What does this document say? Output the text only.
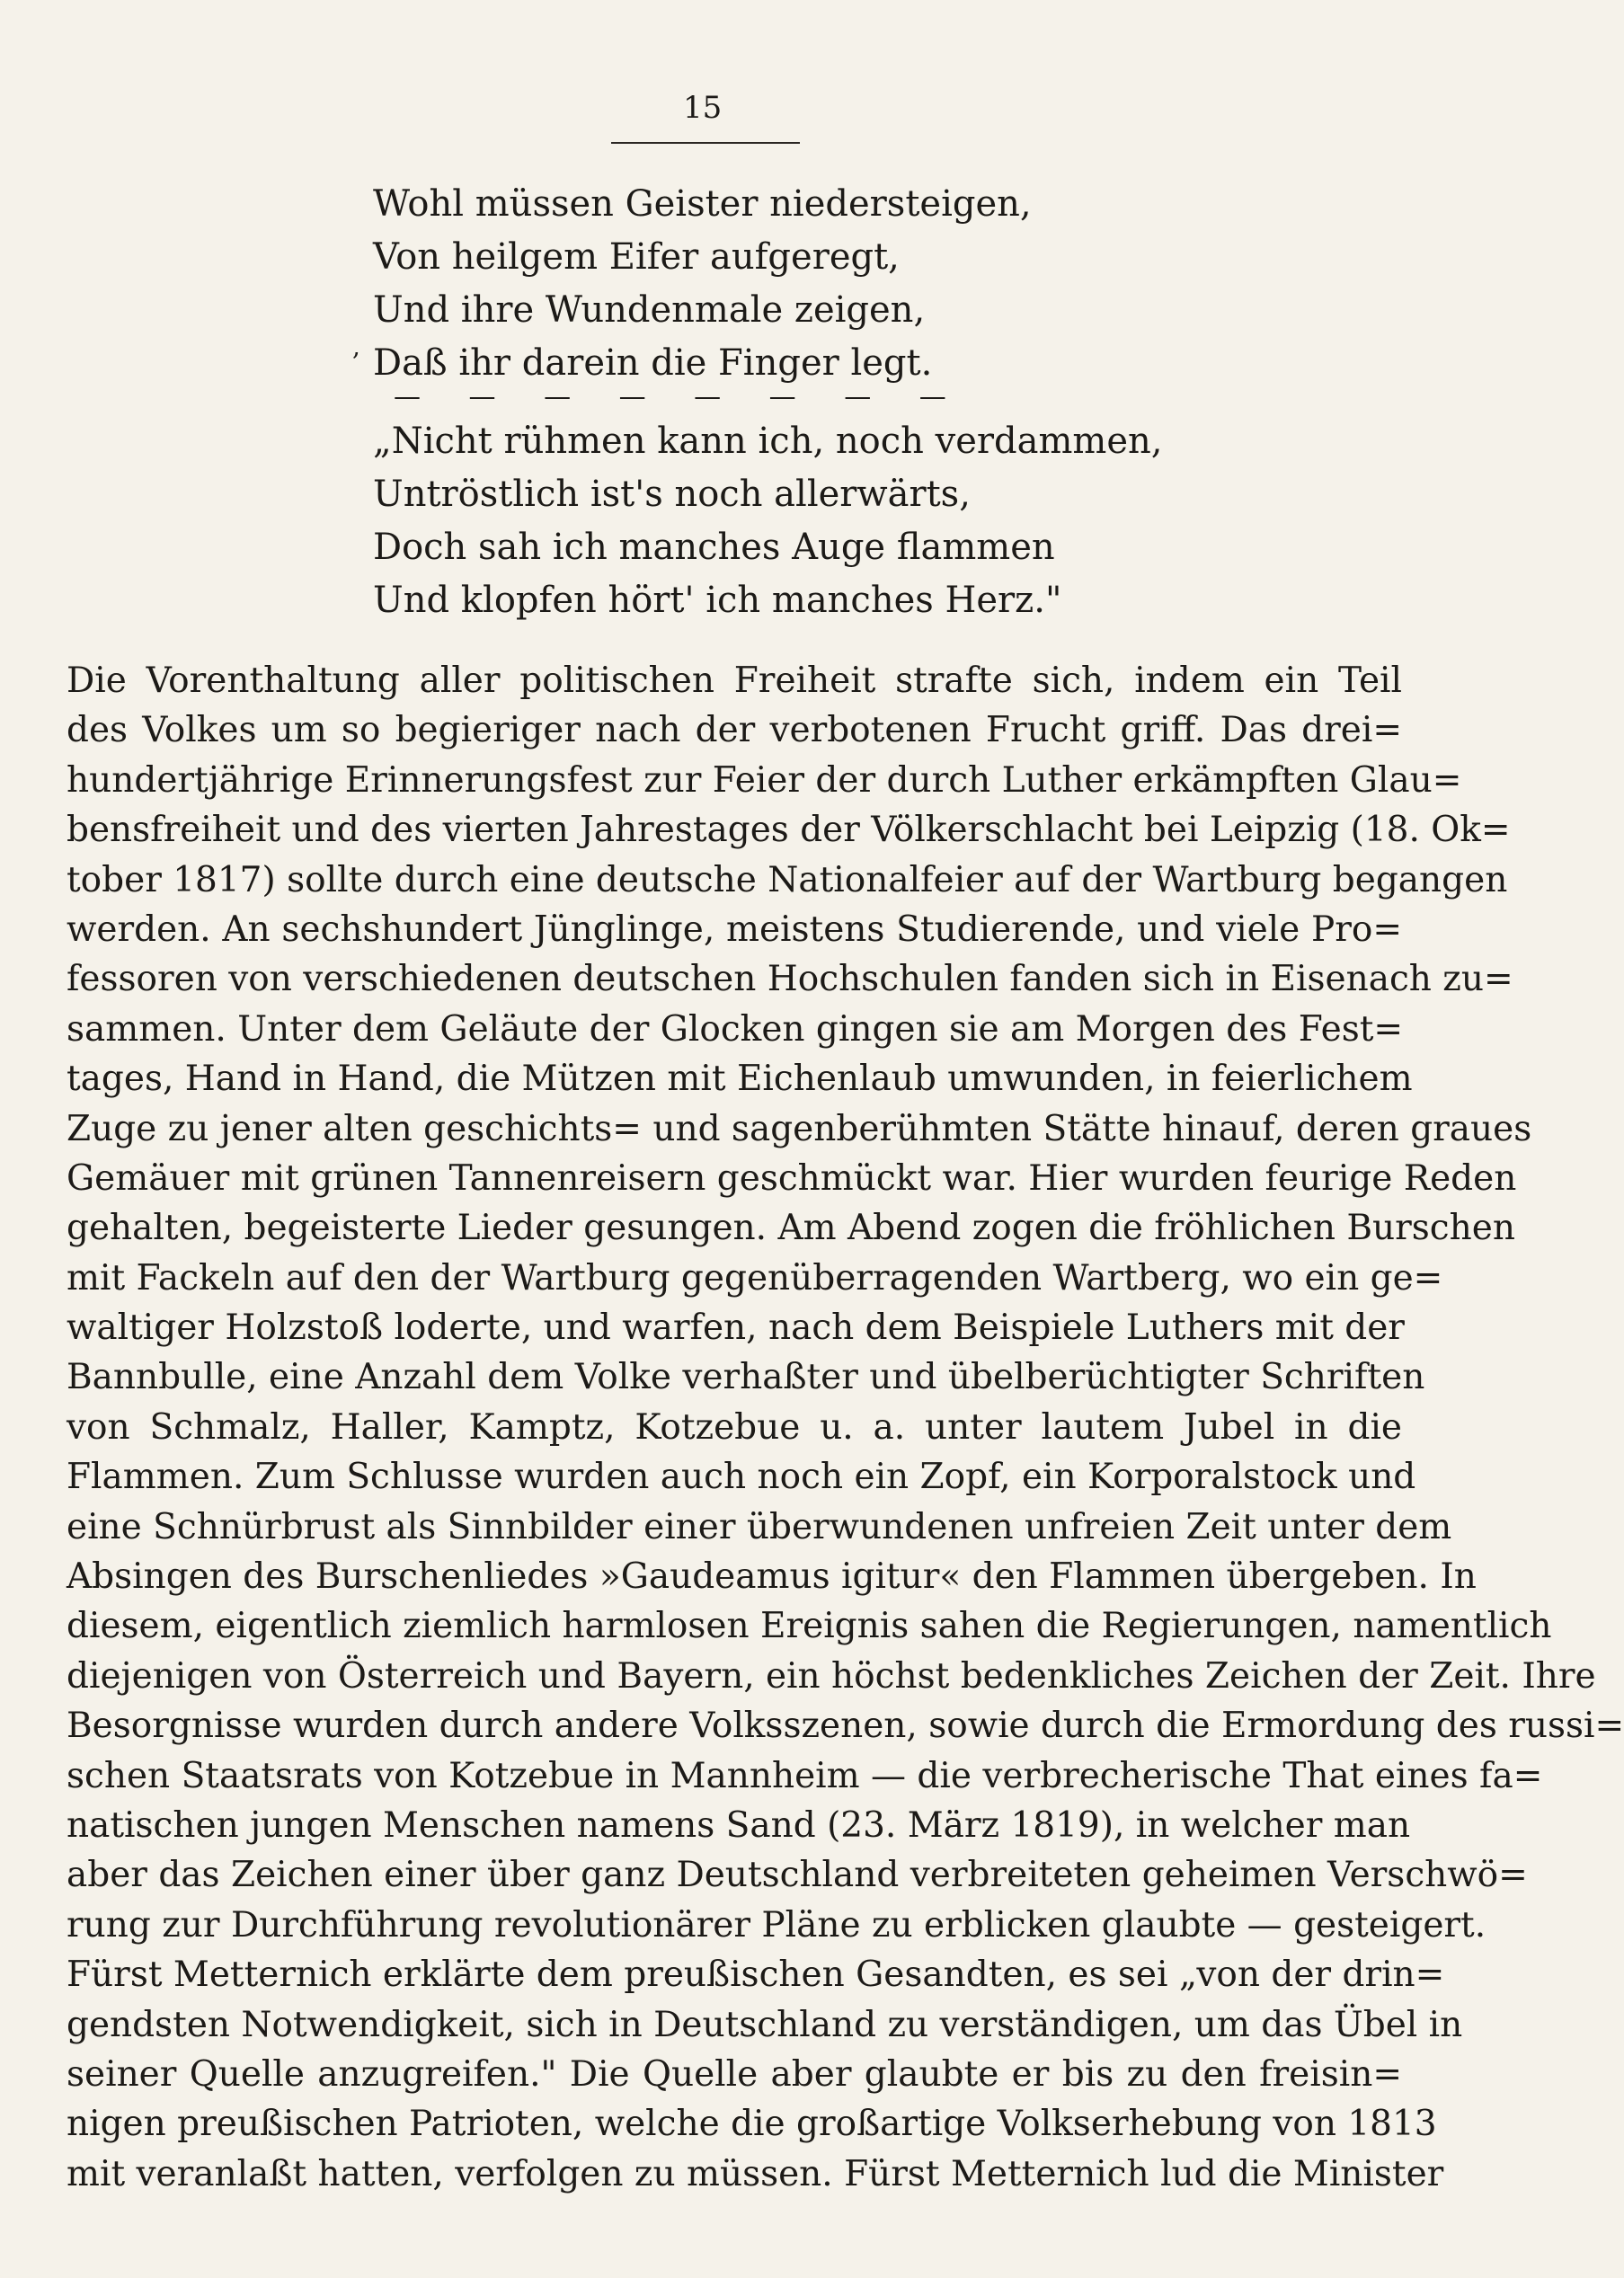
15
,
Wohl müssen Geister niedersteigen,
Von heilgem Eifer aufgeregt,
Und ihre Wundenmale zeigen,
Daß ihr darein die Finger legt.
— — — — — — — —
„Nicht rühmen kann ich, noch verdammen,
Untröstlich ist's noch allerwärts,
Doch sah ich manches Auge flammen
Und klopfen hört' ich manches Herz."
Die Vorenthaltung aller politischen Freiheit strafte sich, indem ein Teil
des Volkes um so begieriger nach der verbotenen Frucht griff. Das drei=
hundertjährige Erinnerungsfest zur Feier der durch Luther erkämpften Glau=
bensfreiheit und des vierten Jahrestages der Völkerschlacht bei Leipzig (18. Ok=
tober 1817) sollte durch eine deutsche Nationalfeier auf der Wartburg begangen
werden. An sechshundert Jünglinge, meistens Studierende, und viele Pro=
fessoren von verschiedenen deutschen Hochschulen fanden sich in Eisenach zu=
sammen. Unter dem Geläute der Glocken gingen sie am Morgen des Fest=
tages, Hand in Hand, die Mützen mit Eichenlaub umwunden, in feierlichem
Zuge zu jener alten geschichts= und sagenberühmten Stätte hinauf, deren graues
Gemäuer mit grünen Tannenreisern geschmückt war. Hier wurden feurige Reden
gehalten, begeisterte Lieder gesungen. Am Abend zogen die fröhlichen Burschen
mit Fackeln auf den der Wartburg gegenüberragenden Wartberg, wo ein ge=
waltiger Holzstoß loderte, und warfen, nach dem Beispiele Luthers mit der
Bannbulle, eine Anzahl dem Volke verhaßter und übelberüchtigter Schriften
von Schmalz, Haller, Kamptz, Kotzebue u. a. unter lautem Jubel in die
Flammen. Zum Schlusse wurden auch noch ein Zopf, ein Korporalstock und
eine Schnürbrust als Sinnbilder einer überwundenen unfreien Zeit unter dem
Absingen des Burschenliedes »Gaudeamus igitur« den Flammen übergeben. In
diesem, eigentlich ziemlich harmlosen Ereignis sahen die Regierungen, namentlich
diejenigen von Österreich und Bayern, ein höchst bedenkliches Zeichen der Zeit. Ihre
Besorgnisse wurden durch andere Volksszenen, sowie durch die Ermordung des russi=
schen Staatsrats von Kotzebue in Mannheim — die verbrecherische That eines fa=
natischen jungen Menschen namens Sand (23. März 1819), in welcher man
aber das Zeichen einer über ganz Deutschland verbreiteten geheimen Verschwö=
rung zur Durchführung revolutionärer Pläne zu erblicken glaubte — gesteigert.
Fürst Metternich erklärte dem preußischen Gesandten, es sei „von der drin=
gendsten Notwendigkeit, sich in Deutschland zu verständigen, um das Übel in
seiner Quelle anzugreifen." Die Quelle aber glaubte er bis zu den freisin=
nigen preußischen Patrioten, welche die großartige Volkserhebung von 1813
mit veranlaßt hatten, verfolgen zu müssen. Fürst Metternich lud die Minister
